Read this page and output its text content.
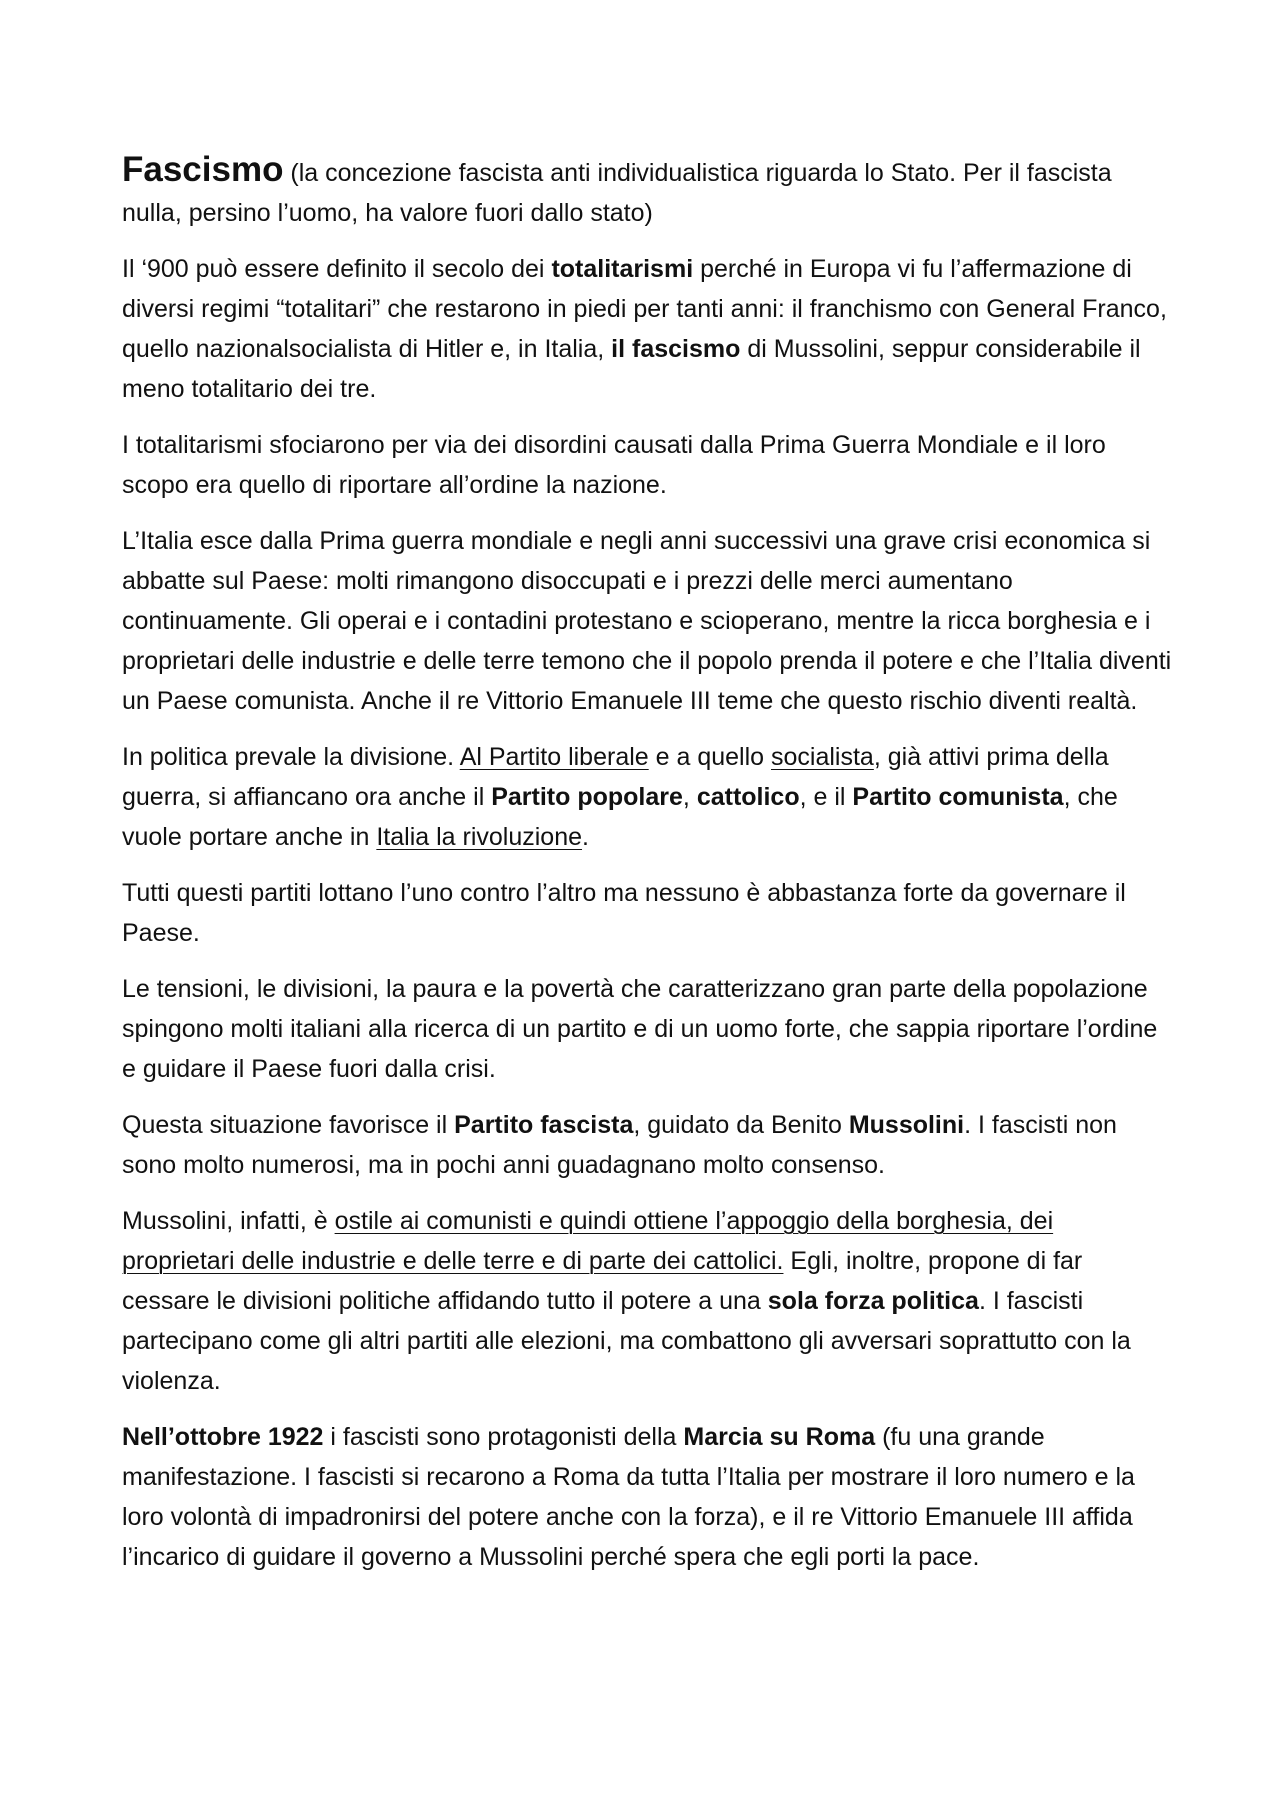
Fascismo (la concezione fascista anti individualistica riguarda lo Stato. Per il fascista nulla, persino l’uomo, ha valore fuori dallo stato)

Il ‘900 può essere definito il secolo dei totalitarismi perché in Europa vi fu l’affermazione di diversi regimi “totalitari” che restarono in piedi per tanti anni: il franchismo con General Franco, quello nazionalsocialista di Hitler e, in Italia, il fascismo di Mussolini, seppur considerabile il meno totalitario dei tre.

I totalitarismi sfociarono per via dei disordini causati dalla Prima Guerra Mondiale e il loro scopo era quello di riportare all’ordine la nazione.

L’Italia esce dalla Prima guerra mondiale e negli anni successivi una grave crisi economica si abbatte sul Paese: molti rimangono disoccupati e i prezzi delle merci aumentano continuamente. Gli operai e i contadini protestano e scioperano, mentre la ricca borghesia e i proprietari delle industrie e delle terre temono che il popolo prenda il potere e che l’Italia diventi un Paese comunista. Anche il re Vittorio Emanuele III teme che questo rischio diventi realtà.

In politica prevale la divisione. Al Partito liberale e a quello socialista, già attivi prima della guerra, si affiancano ora anche il Partito popolare, cattolico, e il Partito comunista, che vuole portare anche in Italia la rivoluzione.

Tutti questi partiti lottano l’uno contro l’altro ma nessuno è abbastanza forte da governare il Paese.

Le tensioni, le divisioni, la paura e la povertà che caratterizzano gran parte della popolazione spingono molti italiani alla ricerca di un partito e di un uomo forte, che sappia riportare l’ordine e guidare il Paese fuori dalla crisi.

Questa situazione favorisce il Partito fascista, guidato da Benito Mussolini. I fascisti non sono molto numerosi, ma in pochi anni guadagnano molto consenso.

Mussolini, infatti, è ostile ai comunisti e quindi ottiene l’appoggio della borghesia, dei proprietari delle industrie e delle terre e di parte dei cattolici. Egli, inoltre, propone di far cessare le divisioni politiche affidando tutto il potere a una sola forza politica. I fascisti partecipano come gli altri partiti alle elezioni, ma combattono gli avversari soprattutto con la violenza.

Nell’ottobre 1922 i fascisti sono protagonisti della Marcia su Roma (fu una grande manifestazione. I fascisti si recarono a Roma da tutta l’Italia per mostrare il loro numero e la loro volontà di impadronirsi del potere anche con la forza), e il re Vittorio Emanuele III affida l’incarico di guidare il governo a Mussolini perché spera che egli porti la pace.
